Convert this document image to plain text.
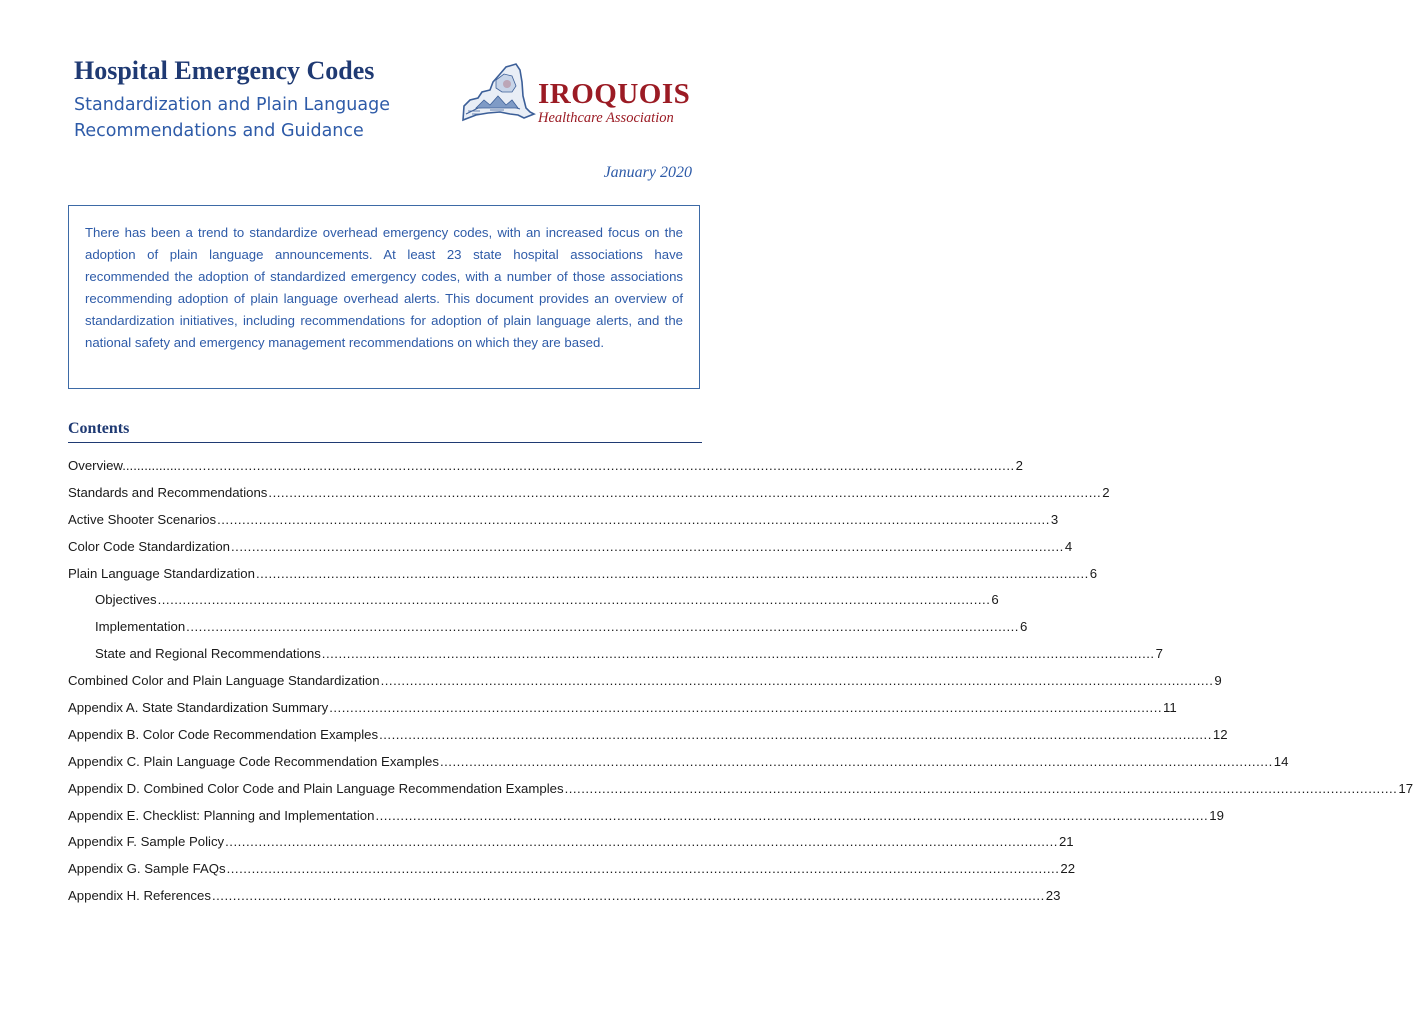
Hospital Emergency Codes
Standardization and Plain Language
Recommendations and Guidance
IROQUOIS
Healthcare Association
January 2020

There has been a trend to standardize overhead emergency codes, with an increased focus on the adoption of plain language announcements. At least 23 state hospital associations have recommended the adoption of standardized emergency codes, with a number of those associations recommending adoption of plain language overhead alerts. This document provides an overview of standardization initiatives, including recommendations for adoption of plain language alerts, and the national safety and emergency management recommendations on which they are based.

Contents
Overview................ ........................................................................................................................................................................................................ 2
Standards and Recommendations ........................................................................................................................................................................................................ 2
Active Shooter Scenarios ........................................................................................................................................................................................................ 3
Color Code Standardization ........................................................................................................................................................................................................ 4
Plain Language Standardization ........................................................................................................................................................................................................ 6
Objectives ........................................................................................................................................................................................................ 6
Implementation ........................................................................................................................................................................................................ 6
State and Regional Recommendations ........................................................................................................................................................................................................ 7
Combined Color and Plain Language Standardization ........................................................................................................................................................................................................ 9
Appendix A. State Standardization Summary ........................................................................................................................................................................................................ 11
Appendix B. Color Code Recommendation Examples ........................................................................................................................................................................................................ 12
Appendix C. Plain Language Code Recommendation Examples ........................................................................................................................................................................................................ 14
Appendix D. Combined Color Code and Plain Language Recommendation Examples ........................................................................................................................................................................................................ 17
Appendix E. Checklist: Planning and Implementation ........................................................................................................................................................................................................ 19
Appendix F. Sample Policy ........................................................................................................................................................................................................ 21
Appendix G. Sample FAQs ........................................................................................................................................................................................................ 22
Appendix H. References ........................................................................................................................................................................................................ 23
